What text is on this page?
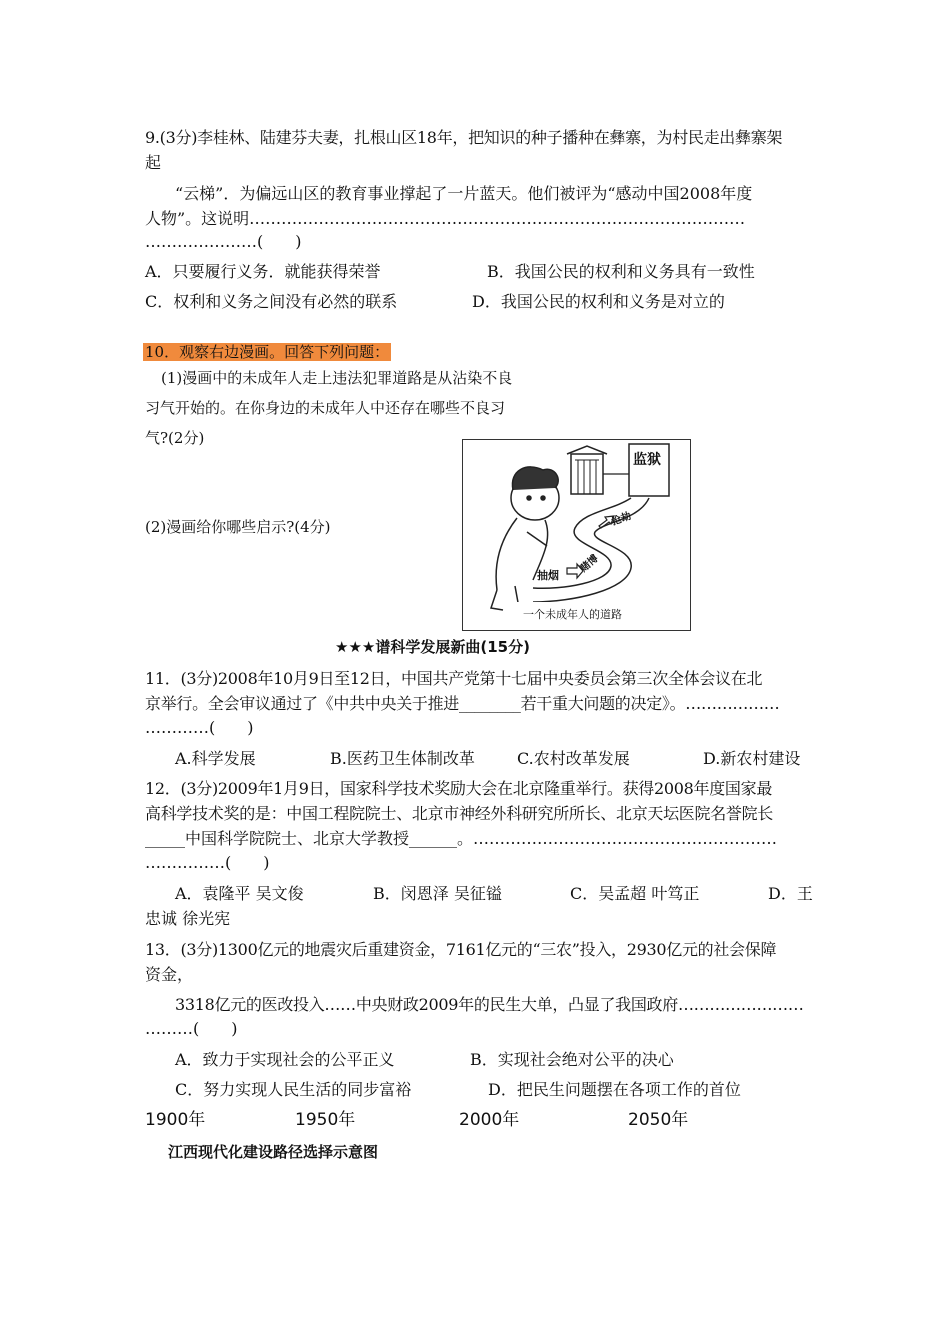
9.(3分)李桂林、陆建芬夫妻，扎根山区18年，把知识的种子播种在彝寨，为村民走出彝寨架
起
“云梯”．为偏远山区的教育事业撑起了一片蓝天。他们被评为“感动中国2008年度
人物”。这说明…………………………………………………………………………………
…………………(　　)
A．只要履行义务．就能获得荣誉	B．我国公民的权利和义务具有一致性
C．权利和义务之间没有必然的联系	D．我国公民的权利和义务是对立的
10．观察右边漫画。回答下列问题：
(1)漫画中的未成年人走上违法犯罪道路是从沾染不良
习气开始的。在你身边的未成年人中还存在哪些不良习
气?(2分)
(2)漫画给你哪些启示?(4分)
监狱
抽烟
赌博
抢劫
一个未成年人的道路
★★★谱科学发展新曲(15分)
11．(3分)2008年10月9日至12日，中国共产党第十七届中央委员会第三次全体会议在北
京举行。全会审议通过了《中共中央关于推进________若干重大问题的决定》。………………
…………(　　)
A.科学发展	B.医药卫生体制改革	C.农村改革发展	D.新农村建设
12．(3分)2009年1月9日，国家科学技术奖励大会在北京隆重举行。获得2008年度国家最
高科学技术奖的是：中国工程院院士、北京市神经外科研究所所长、北京天坛医院名誉院长
_____中国科学院院士、北京大学教授______。…………………………………………………
……………(　　)
A．袁隆平 吴文俊	B．闵恩泽 吴征镒	C．吴孟超 叶笃正	D．王
忠诚 徐光宪
13．(3分)1300亿元的地震灾后重建资金，7161亿元的“三农”投入，2930亿元的社会保障
资金，
3318亿元的医改投入……中央财政2009年的民生大单，凸显了我国政府……………………
………(　　)
A．致力于实现社会的公平正义	B．实现社会绝对公平的决心
C．努力实现人民生活的同步富裕	D．把民生问题摆在各项工作的首位
1900年	1950年	2000年	2050年
江西现代化建设路径选择示意图
